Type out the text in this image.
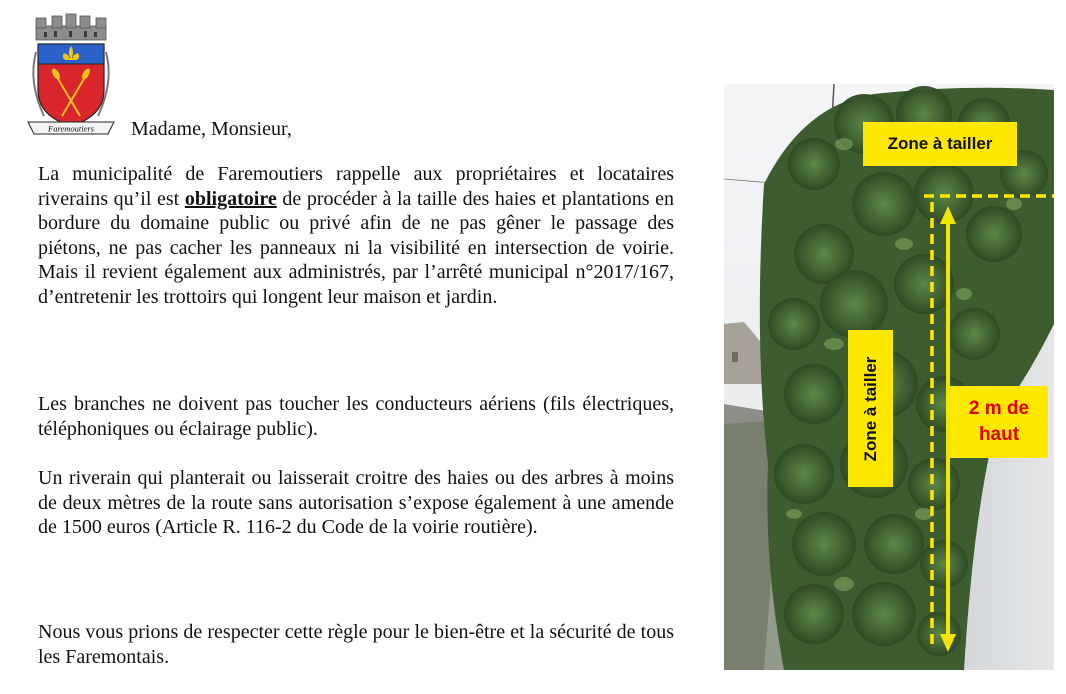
Faremoutiers Madame, Monsieur,

La municipalité de Faremoutiers rappelle aux propriétaires et locataires riverains qu’il est obligatoire de procéder à la taille des haies et plantations en bordure du domaine public ou privé afin de ne pas gêner le passage des piétons, ne pas cacher les panneaux ni la visibilité en intersection de voirie. Mais il revient également aux administrés, par l’arrêté municipal n°2017/167, d’entretenir les trottoirs qui longent leur maison et jardin.

Les branches ne doivent pas toucher les conducteurs aériens (fils électriques, téléphoniques ou éclairage public).

Un riverain qui planterait ou laisserait croitre des haies ou des arbres à moins de deux mètres de la route sans autorisation s’expose également à une amende de 1500 euros (Article R. 116-2 du Code de la voirie routière).

Nous vous prions de respecter cette règle pour le bien-être et la sécurité de tous les Faremontais.

Zone à tailler
Zone à tailler	2 m de
haut
